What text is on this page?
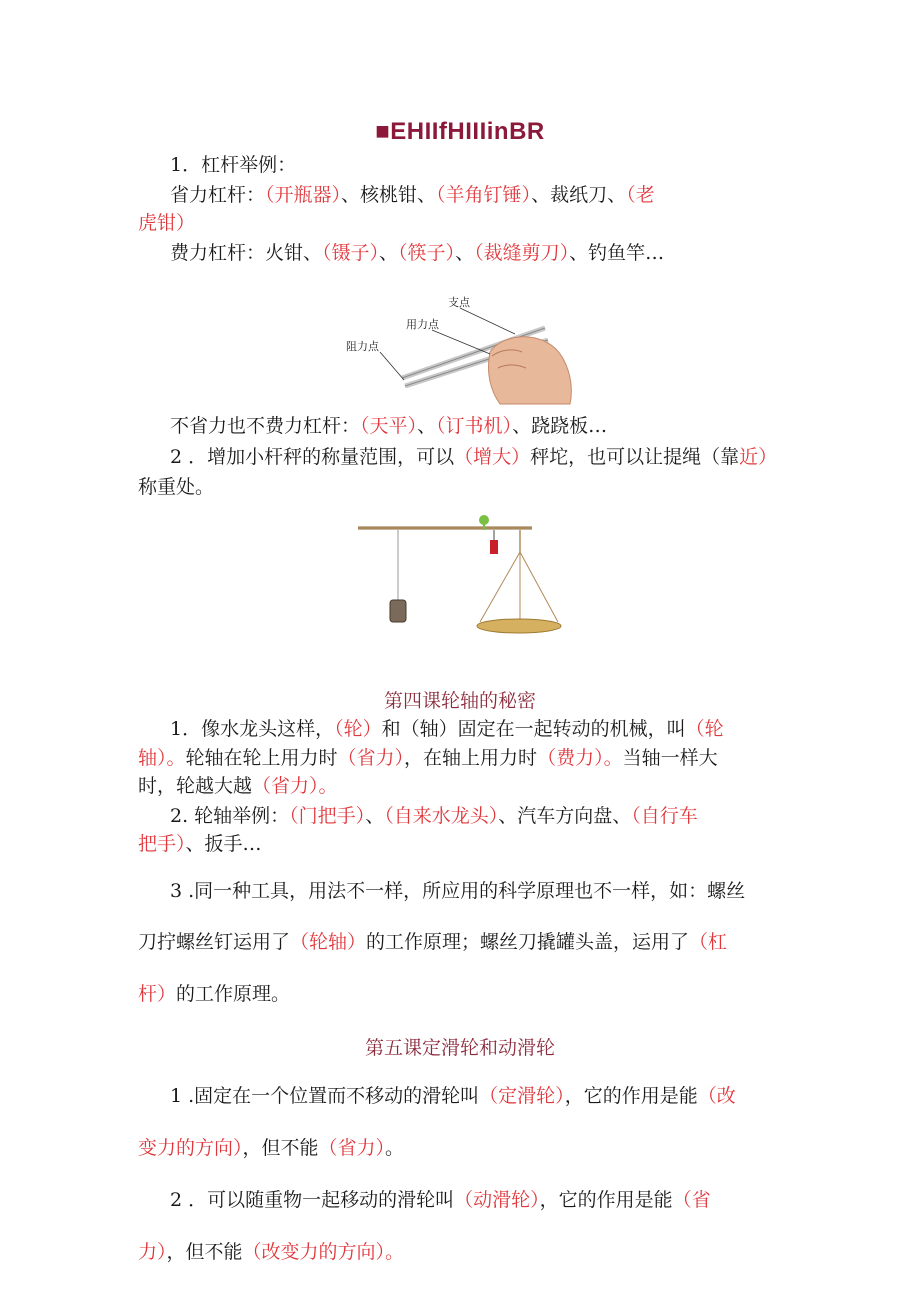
■EHIIfHIIIinBR
1．杠杆举例：
省力杠杆：（开瓶器）、核桃钳、（羊角钉锤）、裁纸刀、（老
虎钳）
费力杠杆：火钳、（镊子）、（筷子）、（裁缝剪刀）、钓鱼竿…
支点
用力点
阻力点
不省力也不费力杠杆：（天平）、（订书机）、跷跷板…
2 ．增加小杆秤的称量范围，可以（增大）秤坨，也可以让提绳（靠近）
称重处。
第四课轮轴的秘密
1．像水龙头这样，（轮）和（轴）固定在一起转动的机械，叫（轮
轴）。轮轴在轮上用力时（省力），在轴上用力时（费力）。当轴一样大
时，轮越大越（省力）。
2. 轮轴举例：（门把手）、（自来水龙头）、汽车方向盘、（自行车
把手）、扳手…
3 .同一种工具，用法不一样，所应用的科学原理也不一样，如：螺丝
刀拧螺丝钉运用了（轮轴）的工作原理；螺丝刀撬罐头盖，运用了（杠
杆）的工作原理。
第五课定滑轮和动滑轮
1 .固定在一个位置而不移动的滑轮叫（定滑轮），它的作用是能（改
变力的方向），但不能（省力）。
2 ．可以随重物一起移动的滑轮叫（动滑轮），它的作用是能（省
力），但不能（改变力的方向）。
